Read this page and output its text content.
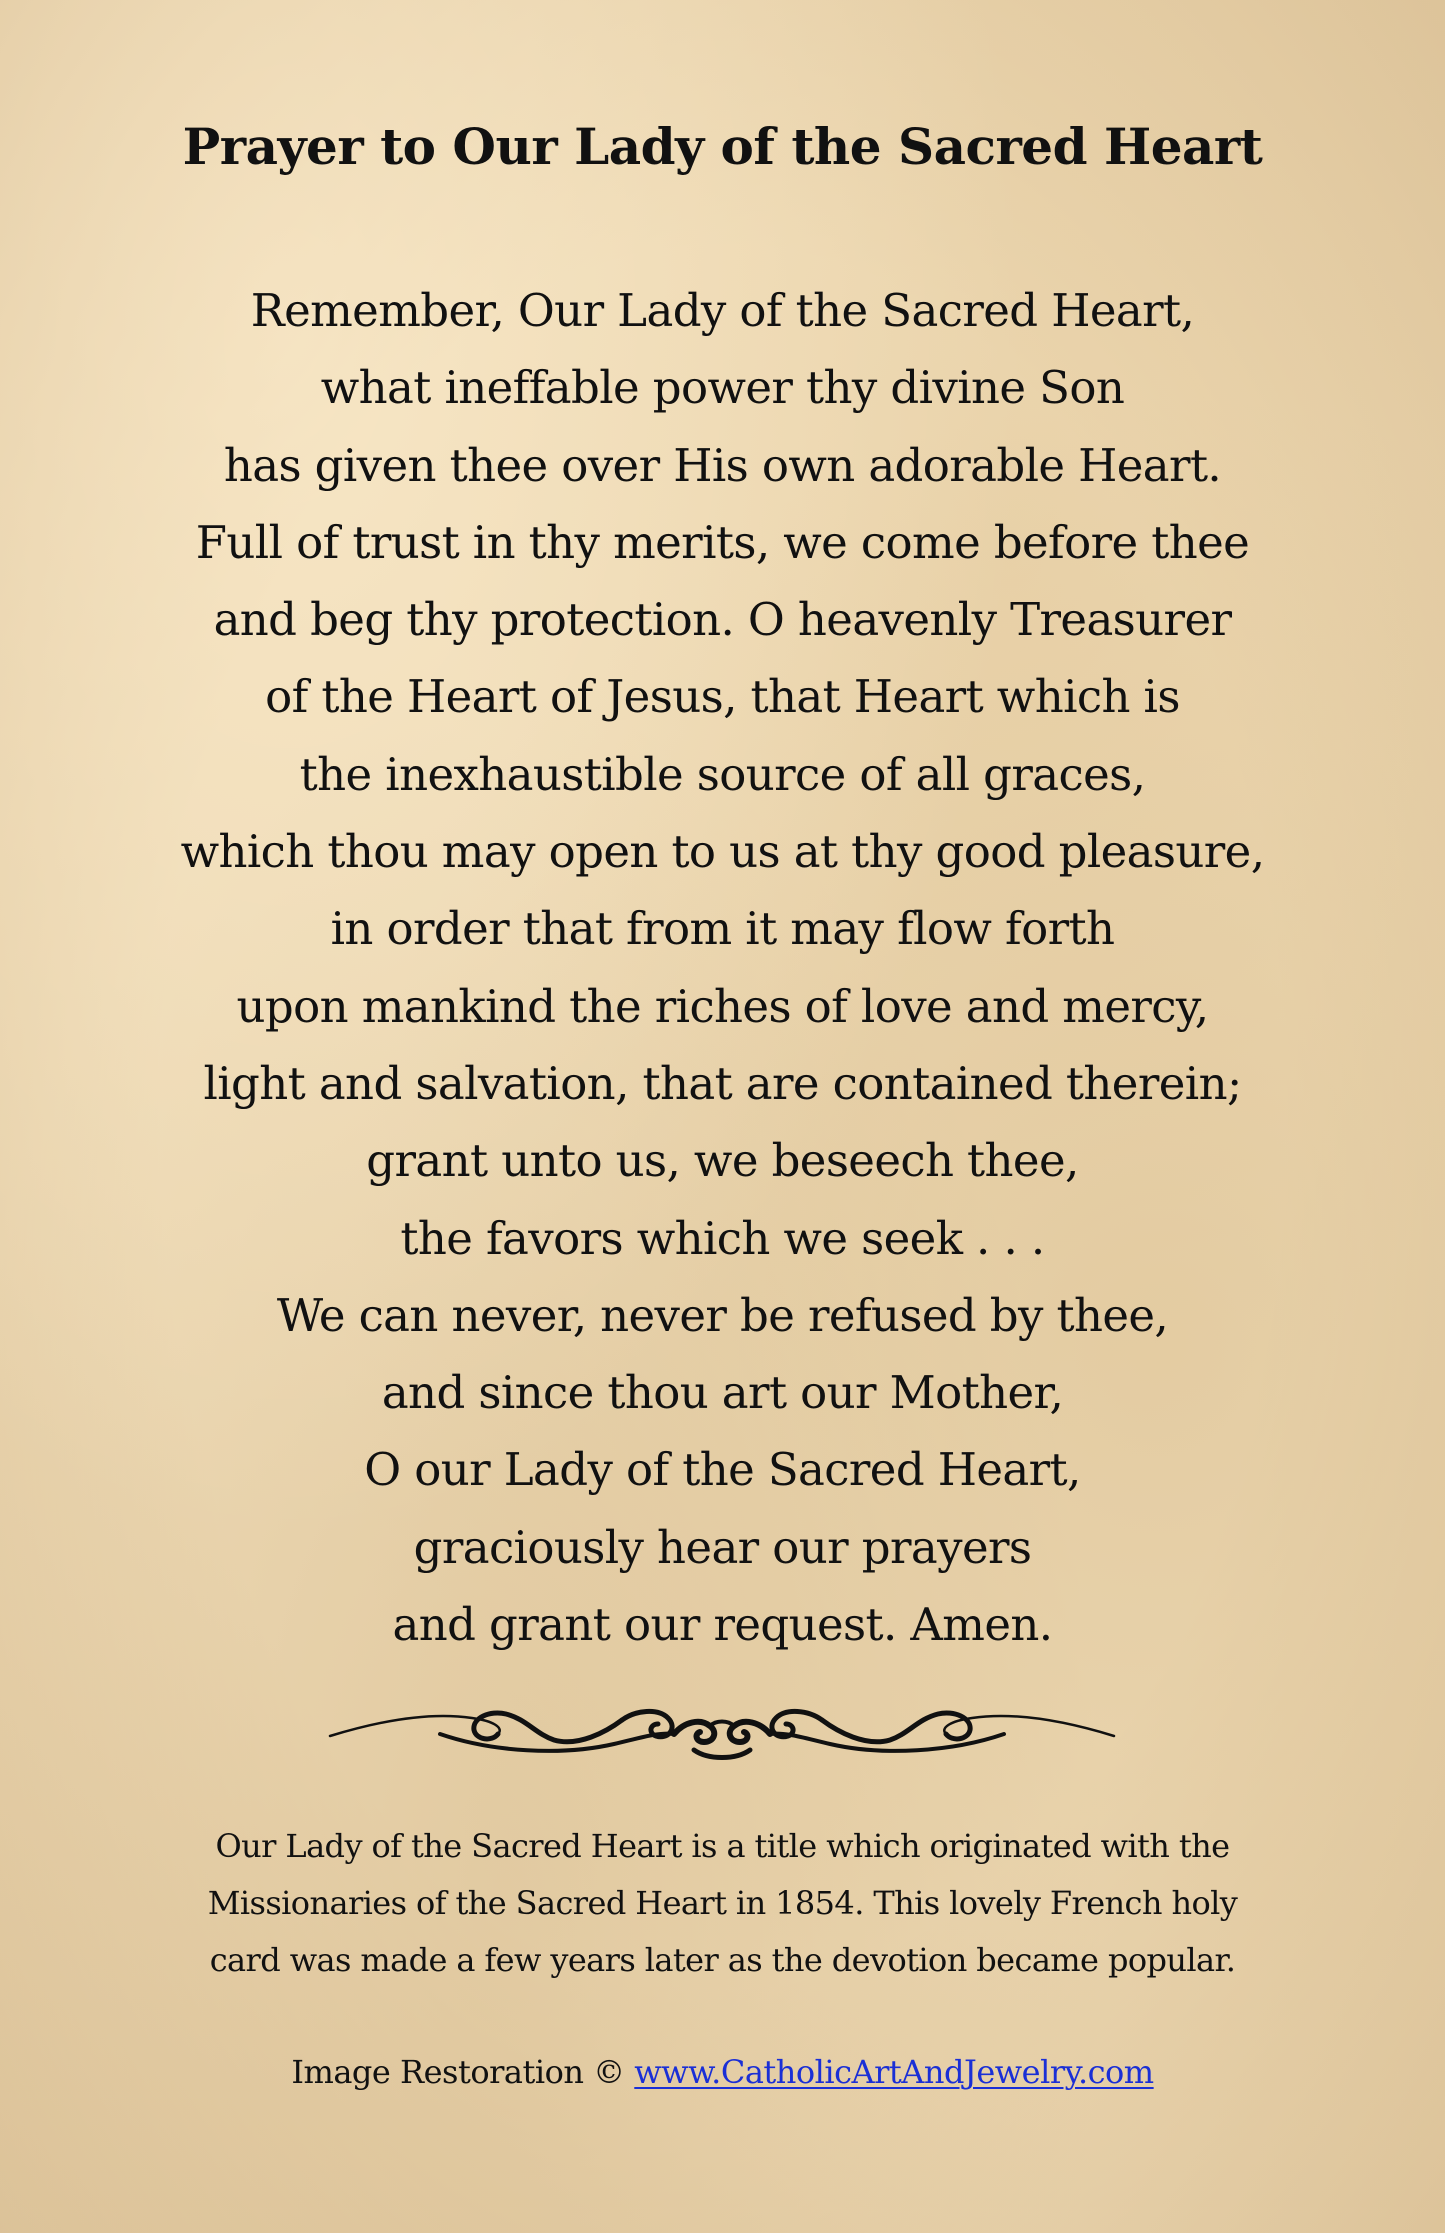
Prayer to Our Lady of the Sacred Heart
Remember, Our Lady of the Sacred Heart,
what ineffable power thy divine Son
has given thee over His own adorable Heart.
Full of trust in thy merits, we come before thee
and beg thy protection. O heavenly Treasurer
of the Heart of Jesus, that Heart which is
the inexhaustible source of all graces,
which thou may open to us at thy good pleasure,
in order that from it may flow forth
upon mankind the riches of love and mercy,
light and salvation, that are contained therein;
grant unto us, we beseech thee,
the favors which we seek . . .
We can never, never be refused by thee,
and since thou art our Mother,
O our Lady of the Sacred Heart,
graciously hear our prayers
and grant our request. Amen.
Our Lady of the Sacred Heart is a title which originated with the
Missionaries of the Sacred Heart in 1854. This lovely French holy
card was made a few years later as the devotion became popular.
Image Restoration © www.CatholicArtAndJewelry.com
